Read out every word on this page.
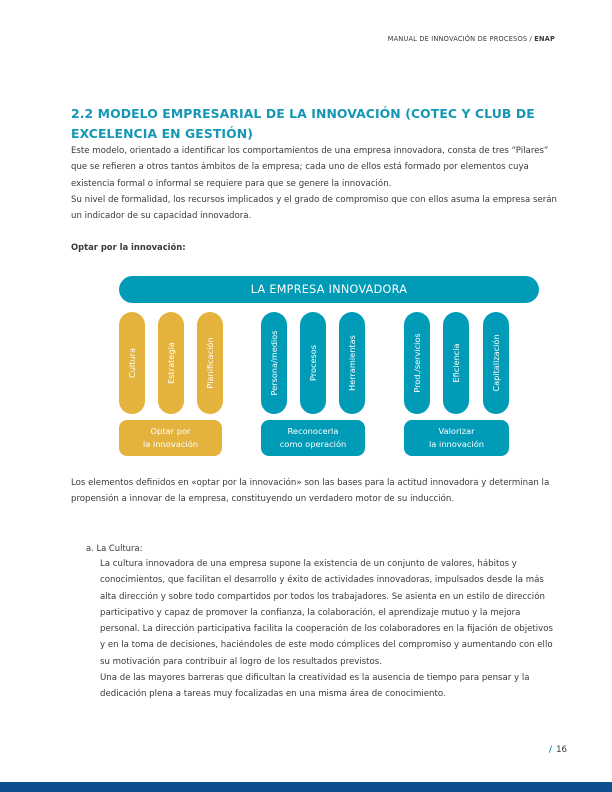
MANUAL DE INNOVACIÓN DE PROCESOS / ENAP
2.2 MODELO EMPRESARIAL DE LA INNOVACIÓN (COTEC Y CLUB DE EXCELENCIA EN GESTIÓN)
Este modelo, orientado a identificar los comportamientos de una empresa innovadora, consta de tres “Pilares” que se refieren a otros tantos ámbitos de la empresa; cada uno de ellos está formado por elementos cuya existencia formal o informal se requiere para que se genere la innovación.
Su nivel de formalidad, los recursos implicados y el grado de compromiso que con ellos asuma la empresa serán un indicador de su capacidad innovadora.
Optar por la innovación:
LA EMPRESA INNOVADORA
Cultura	Estrategia	Planificación	Persona/medios	Procesos	Herramientas	Prod./servicios	Eficiencia	Capitalización
Optar por
la innovación
Reconocerla
como operación
Valorizar
la innovación
Los elementos definidos en «optar por la innovación» son las bases para la actitud innovadora y determinan la propensión a innovar de la empresa, constituyendo un verdadero motor de su inducción.
a. La Cultura:
La cultura innovadora de una empresa supone la existencia de un conjunto de valores, hábitos y conocimientos, que facilitan el desarrollo y éxito de actividades innovadoras, impulsados desde la más alta dirección y sobre todo compartidos por todos los trabajadores. Se asienta en un estilo de dirección participativo y capaz de promover la confianza, la colaboración, el aprendizaje mutuo y la mejora personal. La dirección participativa facilita la cooperación de los colaboradores en la fijación de objetivos y en la toma de decisiones, haciéndoles de este modo cómplices del compromiso y aumentando con ello su motivación para contribuir al logro de los resultados previstos.
Una de las mayores barreras que dificultan la creatividad es la ausencia de tiempo para pensar y la dedicación plena a tareas muy focalizadas en una misma área de conocimiento.
/ 16
